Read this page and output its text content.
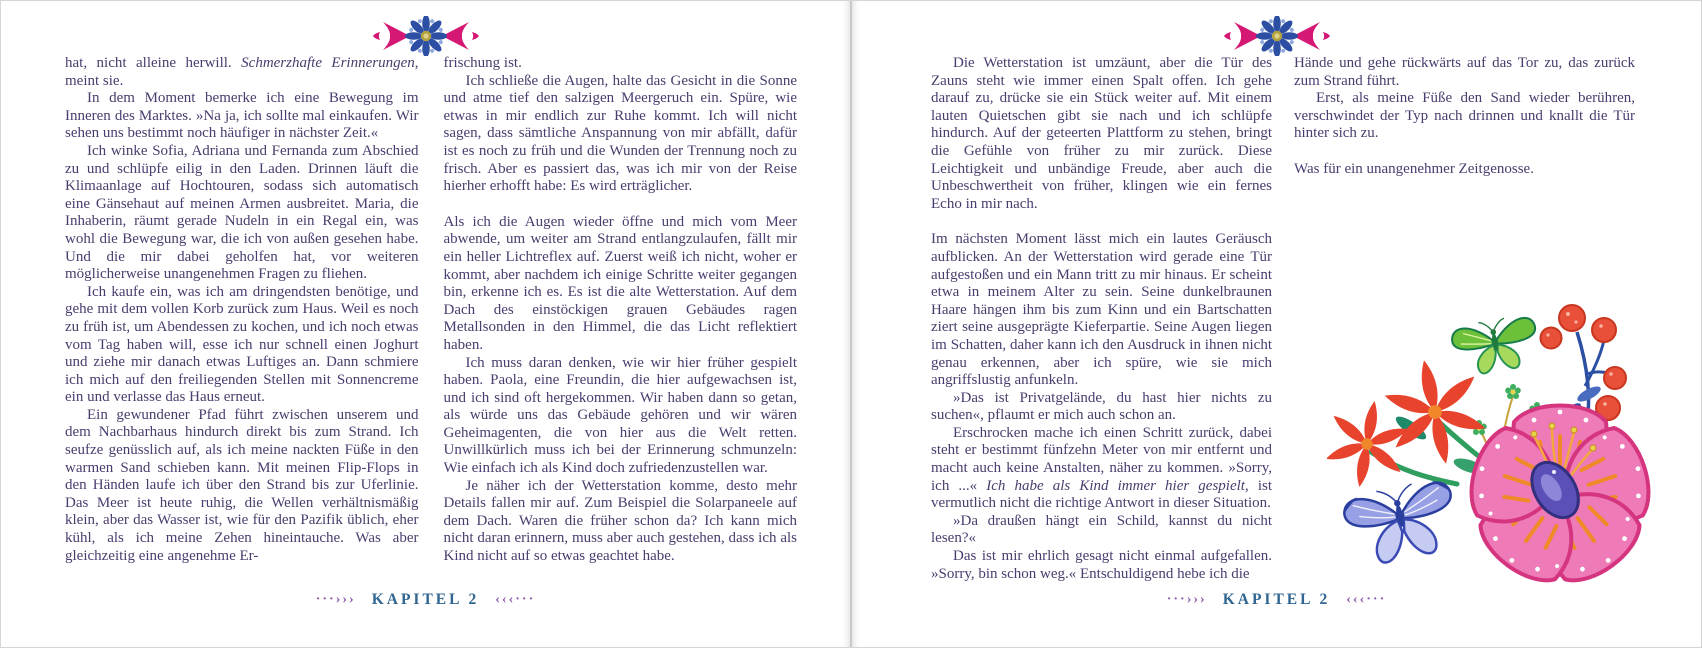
hat, nicht alleine herwill. Schmerzhafte Erinnerungen, meint sie.

In dem Moment bemerke ich eine Bewegung im Inneren des Marktes. »Na ja, ich sollte mal einkaufen. Wir sehen uns bestimmt noch häufiger in nächster Zeit.«

Ich winke Sofia, Adriana und Fernanda zum Abschied zu und schlüpfe eilig in den Laden. Drinnen läuft die Klimaanlage auf Hochtouren, sodass sich automatisch eine Gänsehaut auf meinen Armen ausbreitet. Maria, die Inhaberin, räumt gerade Nudeln in ein Regal ein, was wohl die Bewegung war, die ich von außen gesehen habe. Und die mir dabei geholfen hat, vor weiteren möglicherweise unangenehmen Fragen zu fliehen.

Ich kaufe ein, was ich am dringendsten benötige, und gehe mit dem vollen Korb zurück zum Haus. Weil es noch zu früh ist, um Abendessen zu kochen, und ich noch etwas vom Tag haben will, esse ich nur schnell einen Joghurt und ziehe mir danach etwas Luftiges an. Dann schmiere ich mich auf den freiliegenden Stellen mit Sonnencreme ein und verlasse das Haus erneut.

Ein gewundener Pfad führt zwischen unserem und dem Nachbarhaus hindurch direkt bis zum Strand. Ich seufze genüsslich auf, als ich meine nackten Füße in den warmen Sand schieben kann. Mit meinen Flip-Flops in den Händen laufe ich über den Strand bis zur Uferlinie. Das Meer ist heute ruhig, die Wellen verhältnismäßig klein, aber das Wasser ist, wie für den Pazifik üblich, eher kühl, als ich meine Zehen hineintauche. Was aber gleichzeitig eine angenehme Er-

frischung ist.

Ich schließe die Augen, halte das Gesicht in die Sonne und atme tief den salzigen Meergeruch ein. Spüre, wie etwas in mir endlich zur Ruhe kommt. Ich will nicht sagen, dass sämtliche Anspannung von mir abfällt, dafür ist es noch zu früh und die Wunden der Trennung noch zu frisch. Aber es passiert das, was ich mir von der Reise hierher erhofft habe: Es wird erträglicher.

Als ich die Augen wieder öffne und mich vom Meer abwende, um weiter am Strand entlangzulaufen, fällt mir ein heller Lichtreflex auf. Zuerst weiß ich nicht, woher er kommt, aber nachdem ich einige Schritte weiter gegangen bin, erkenne ich es. Es ist die alte Wetterstation. Auf dem Dach des einstöckigen grauen Gebäudes ragen Metallsonden in den Himmel, die das Licht reflektiert haben.

Ich muss daran denken, wie wir hier früher gespielt haben. Paola, eine Freundin, die hier aufgewachsen ist, und ich sind oft hergekommen. Wir haben dann so getan, als würde uns das Gebäude gehören und wir wären Geheimagenten, die von hier aus die Welt retten. Unwillkürlich muss ich bei der Erinnerung schmunzeln: Wie einfach ich als Kind doch zufriedenzustellen war.

Je näher ich der Wetterstation komme, desto mehr Details fallen mir auf. Zum Beispiel die Solarpaneele auf dem Dach. Waren die früher schon da? Ich kann mich nicht daran erinnern, muss aber auch gestehen, dass ich als Kind nicht auf so etwas geachtet habe.

···››› KAPITEL 2 ‹‹‹···

Die Wetterstation ist umzäunt, aber die Tür des Zauns steht wie immer einen Spalt offen. Ich gehe darauf zu, drücke sie ein Stück weiter auf. Mit einem lauten Quietschen gibt sie nach und ich schlüpfe hindurch. Auf der geteerten Plattform zu stehen, bringt die Gefühle von früher zu mir zurück. Diese Leichtigkeit und unbändige Freude, aber auch die Unbeschwertheit von früher, klingen wie ein fernes Echo in mir nach.

Im nächsten Moment lässt mich ein lautes Geräusch aufblicken. An der Wetterstation wird gerade eine Tür aufgestoßen und ein Mann tritt zu mir hinaus. Er scheint etwa in meinem Alter zu sein. Seine dunkelbraunen Haare hängen ihm bis zum Kinn und ein Bartschatten ziert seine ausgeprägte Kieferpartie. Seine Augen liegen im Schatten, daher kann ich den Ausdruck in ihnen nicht genau erkennen, aber ich spüre, wie sie mich angriffslustig anfunkeln.

»Das ist Privatgelände, du hast hier nichts zu suchen«, pflaumt er mich auch schon an.

Erschrocken mache ich einen Schritt zurück, dabei steht er bestimmt fünfzehn Meter von mir entfernt und macht auch keine Anstalten, näher zu kommen. »Sorry, ich ...« Ich habe als Kind immer hier gespielt, ist vermutlich nicht die richtige Antwort in dieser Situation.

»Da draußen hängt ein Schild, kannst du nicht lesen?«

Das ist mir ehrlich gesagt nicht einmal aufgefallen. »Sorry, bin schon weg.« Entschuldigend hebe ich die

Hände und gehe rückwärts auf das Tor zu, das zurück zum Strand führt.

Erst, als meine Füße den Sand wieder berühren, verschwindet der Typ nach drinnen und knallt die Tür hinter sich zu.

Was für ein unangenehmer Zeitgenosse.

···››› KAPITEL 2 ‹‹‹···
